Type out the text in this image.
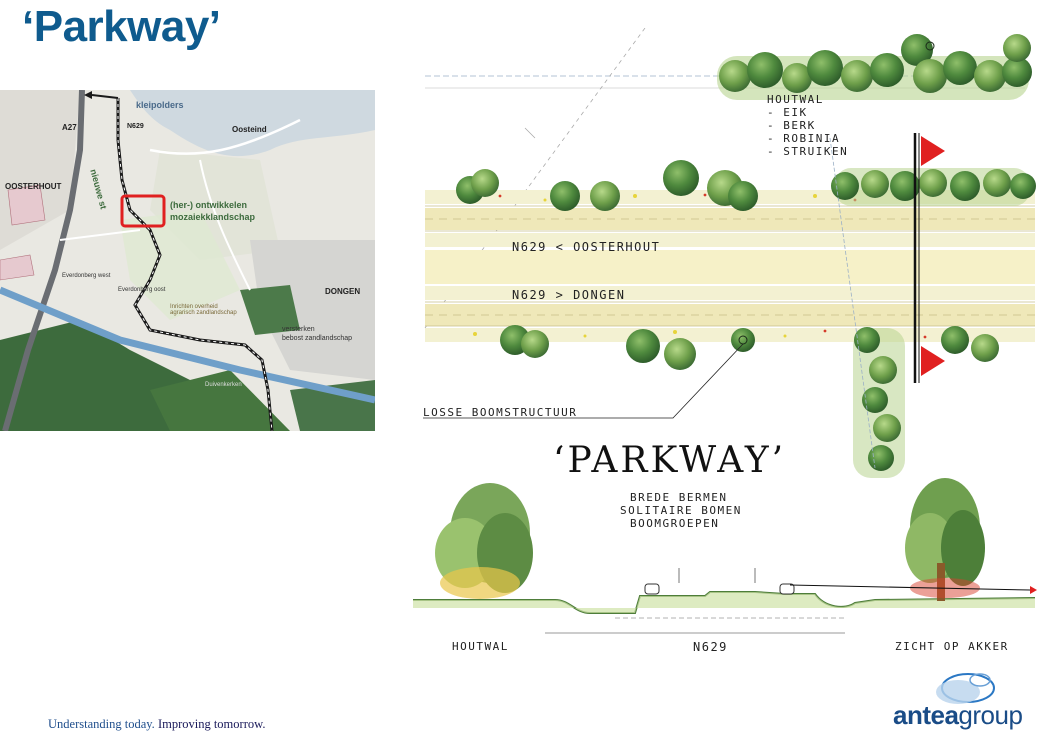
‘Parkway’
kleipolders
A27	N629	Oosteind
OOSTERHOUT	nieuwe st	(her-) ontwikkelen
mozaiekklandschap
Everdonberg west
Everdonberg oost	DONGEN
Inrichten overheid agrarisch zandlandschap
versterken
bebost zandlandschap
Duivenkerken
HOUTWAL
- EIK
- BERK
- ROBINIA
- STRUIKEN
N629 < OOSTERHOUT
N629 > DONGEN
LOSSE BOOMSTRUCTUUR
‘PARKWAY’
BREDE BERMEN
SOLITAIRE BOMEN
BOOMGROEPEN
HOUTWAL	N629	ZICHT OP AKKER
Understanding today. Improving tomorrow.	anteagroup
